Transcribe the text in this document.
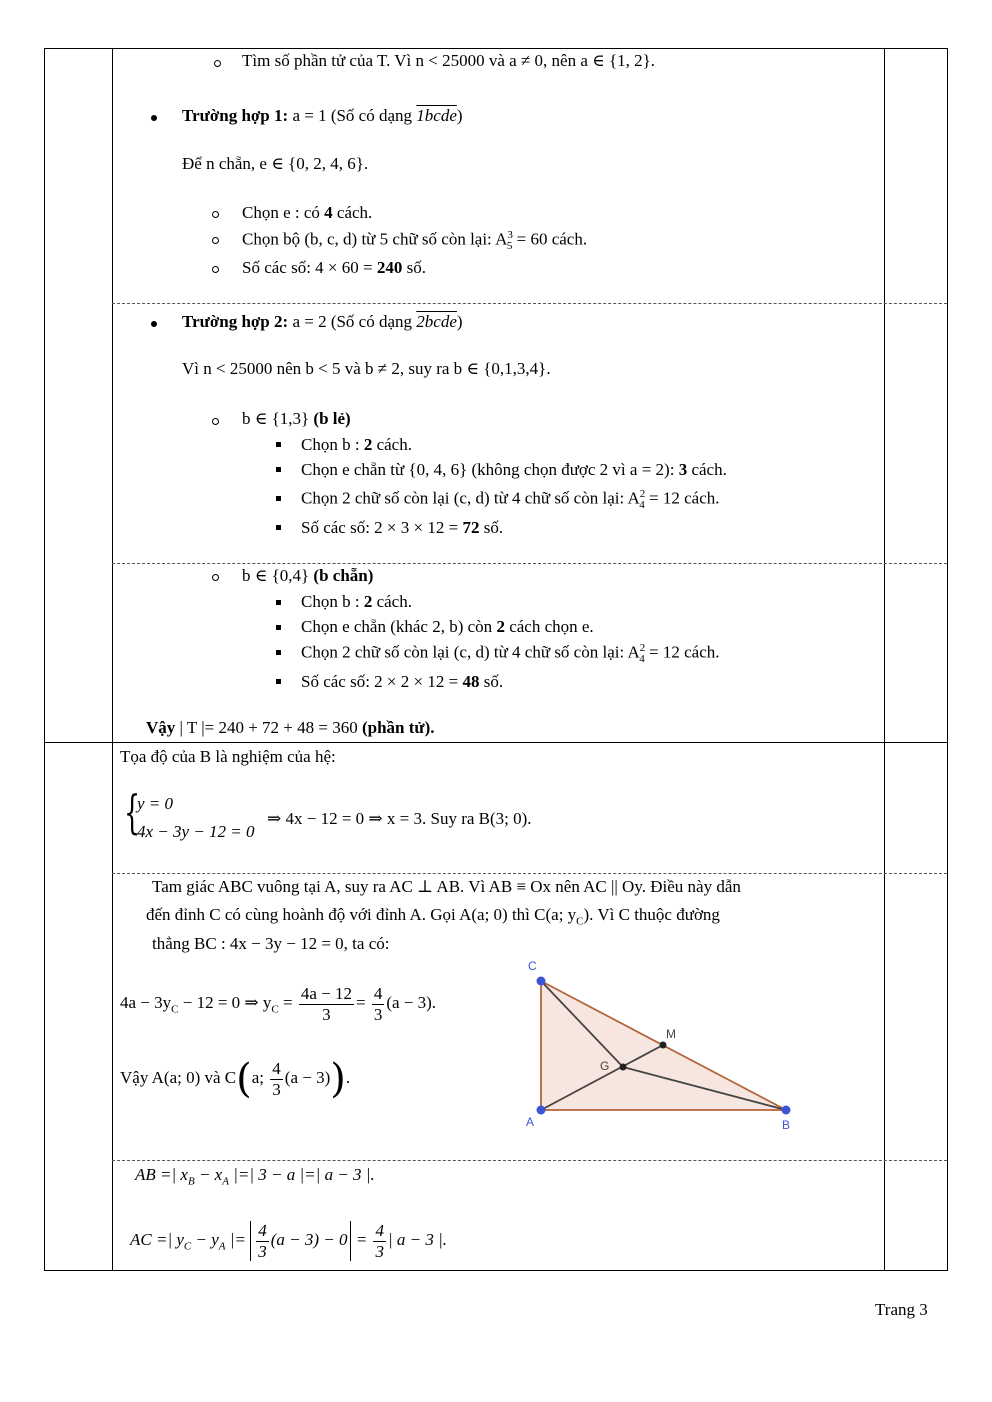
Tìm số phần tử của T. Vì n < 25000 và a ≠ 0, nên a ∈ {1, 2}.
Trường hợp 1: a = 1 (Số có dạng 1bcde)
Để n chẵn, e ∈ {0, 2, 4, 6}.
Chọn e : có 4 cách.
Chọn bộ (b, c, d) từ 5 chữ số còn lại: $A^3_5 = 60$ cách.
Số các số: 4 × 60 = 240 số.
Trường hợp 2: a = 2 (Số có dạng 2bcde)
Vì n < 25000 nên b < 5 và b ≠ 2, suy ra b ∈ {0,1,3,4}.
b ∈ {1,3} (b lẻ)
Chọn b : 2 cách.
Chọn e chẵn từ {0, 4, 6} (không chọn được 2 vì a = 2): 3 cách.
Chọn 2 chữ số còn lại (c, d) từ 4 chữ số còn lại: $A^2_4 = 12$ cách.
Số các số: 2 × 3 × 12 = 72 số.
b ∈ {0,4} (b chẵn)
Chọn b : 2 cách.
Chọn e chẵn (khác 2, b) còn 2 cách chọn e.
Chọn 2 chữ số còn lại (c, d) từ 4 chữ số còn lại: $A^2_4 = 12$ cách.
Số các số: 2 × 2 × 12 = 48 số.
Vậy | T |= 240 + 72 + 48 = 360 (phần tử).
Tọa độ của B là nghiệm của hệ:
{
y = 0
4x − 3y − 12 = 0
⇒ 4x − 12 = 0 ⇒ x = 3. Suy ra B(3; 0).
Tam giác ABC vuông tại A, suy ra AC ⊥ AB. Vì AB ≡ Ox nên AC || Oy. Điều này dẫn
đến đỉnh C có cùng hoành độ với đỉnh A. Gọi A(a; 0) thì C(a; $y_C$). Vì C thuộc đường
thẳng BC : 4x − 3y − 12 = 0, ta có:
$4a - 3y_C - 12 = 0$ ⇒ $y_C = \frac{4a - 12}{3} = \frac{4}{3} (a - 3)$.
Vậy A(a; 0) và C(a; $\frac{4}{3} (a - 3)$).
C
A	B
G
M
AB =| $x_B - x_A$ |=| 3 − a |=| a − 3 |.
AC =| $y_C - y_A$ |= $\frac{4}{3} (a - 3) - 0 = \frac{4}{3}$ | a − 3 |.
Trang 3
